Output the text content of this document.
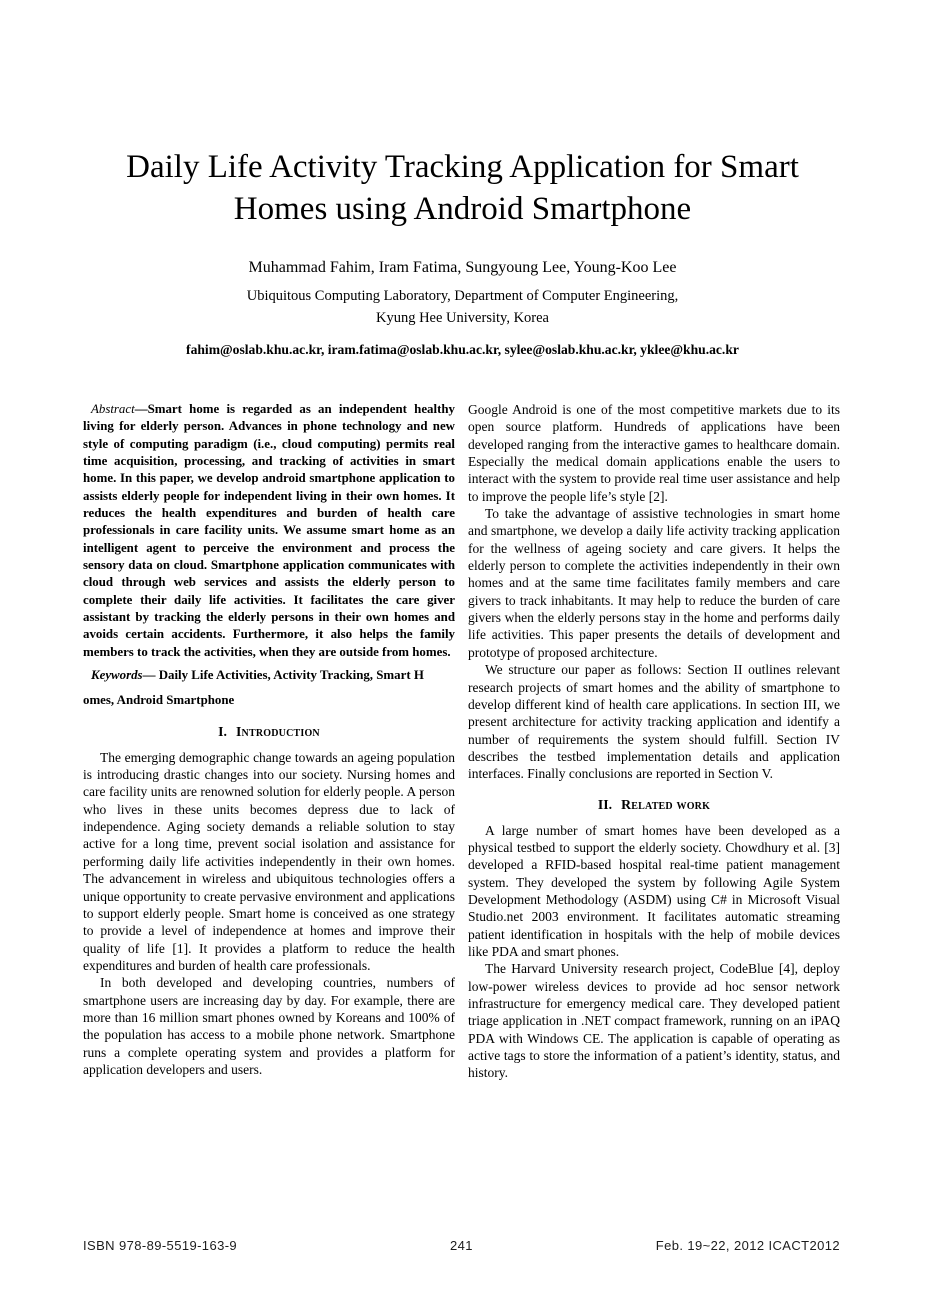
Daily Life Activity Tracking Application for Smart
Homes using Android Smartphone
Muhammad Fahim, Iram Fatima, Sungyoung Lee, Young-Koo Lee
Ubiquitous Computing Laboratory, Department of Computer Engineering,
Kyung Hee University, Korea
fahim@oslab.khu.ac.kr, iram.fatima@oslab.khu.ac.kr, sylee@oslab.khu.ac.kr, yklee@khu.ac.kr

Abstract—Smart home is regarded as an independent healthy living for elderly person. Advances in phone technology and new style of computing paradigm (i.e., cloud computing) permits real time acquisition, processing, and tracking of activities in smart home. In this paper, we develop android smartphone application to assists elderly people for independent living in their own homes. It reduces the health expenditures and burden of health care professionals in care facility units. We assume smart home as an intelligent agent to perceive the environment and process the sensory data on cloud. Smartphone application communicates with cloud through web services and assists the elderly person to complete their daily life activities. It facilitates the care giver assistant by tracking the elderly persons in their own homes and avoids certain accidents. Furthermore, it also helps the family members to track the activities, when they are outside from homes.

Keywords— Daily Life Activities, Activity Tracking, Smart H

omes, Android Smartphone

I. Introduction

The emerging demographic change towards an ageing population is introducing drastic changes into our society. Nursing homes and care facility units are renowned solution for elderly people. A person who lives in these units becomes depress due to lack of independence. Aging society demands a reliable solution to stay active for a long time, prevent social isolation and assistance for performing daily life activities independently in their own homes. The advancement in wireless and ubiquitous technologies offers a unique opportunity to create pervasive environment and applications to support elderly people. Smart home is conceived as one strategy to provide a level of independence at homes and improve their quality of life [1]. It provides a platform to reduce the health expenditures and burden of health care professionals.

In both developed and developing countries, numbers of smartphone users are increasing day by day. For example, there are more than 16 million smart phones owned by Koreans and 100% of the population has access to a mobile phone network. Smartphone runs a complete operating system and provides a platform for application developers and users.

Google Android is one of the most competitive markets due to its open source platform. Hundreds of applications have been developed ranging from the interactive games to healthcare domain. Especially the medical domain applications enable the users to interact with the system to provide real time user assistance and help to improve the people life’s style [2].

To take the advantage of assistive technologies in smart home and smartphone, we develop a daily life activity tracking application for the wellness of ageing society and care givers. It helps the elderly person to complete the activities independently in their own homes and at the same time facilitates family members and care givers to track inhabitants. It may help to reduce the burden of care givers when the elderly persons stay in the home and performs daily life activities. This paper presents the details of development and prototype of proposed architecture.

We structure our paper as follows: Section II outlines relevant research projects of smart homes and the ability of smartphone to develop different kind of health care applications. In section III, we present architecture for activity tracking application and identify a number of requirements the system should fulfill. Section IV describes the testbed implementation details and application interfaces. Finally conclusions are reported in Section V.

II. Related work

A large number of smart homes have been developed as a physical testbed to support the elderly society. Chowdhury et al. [3] developed a RFID-based hospital real-time patient management system. They developed the system by following Agile System Development Methodology (ASDM) using C# in Microsoft Visual Studio.net 2003 environment. It facilitates automatic streaming patient identification in hospitals with the help of mobile devices like PDA and smart phones.

The Harvard University research project, CodeBlue [4], deploy low-power wireless devices to provide ad hoc sensor network infrastructure for emergency medical care. They developed patient triage application in .NET compact framework, running on an iPAQ PDA with Windows CE. The application is capable of operating as active tags to store the information of a patient’s identity, status, and history.

ISBN 978-89-5519-163-9	241	Feb. 19~22, 2012 ICACT2012
